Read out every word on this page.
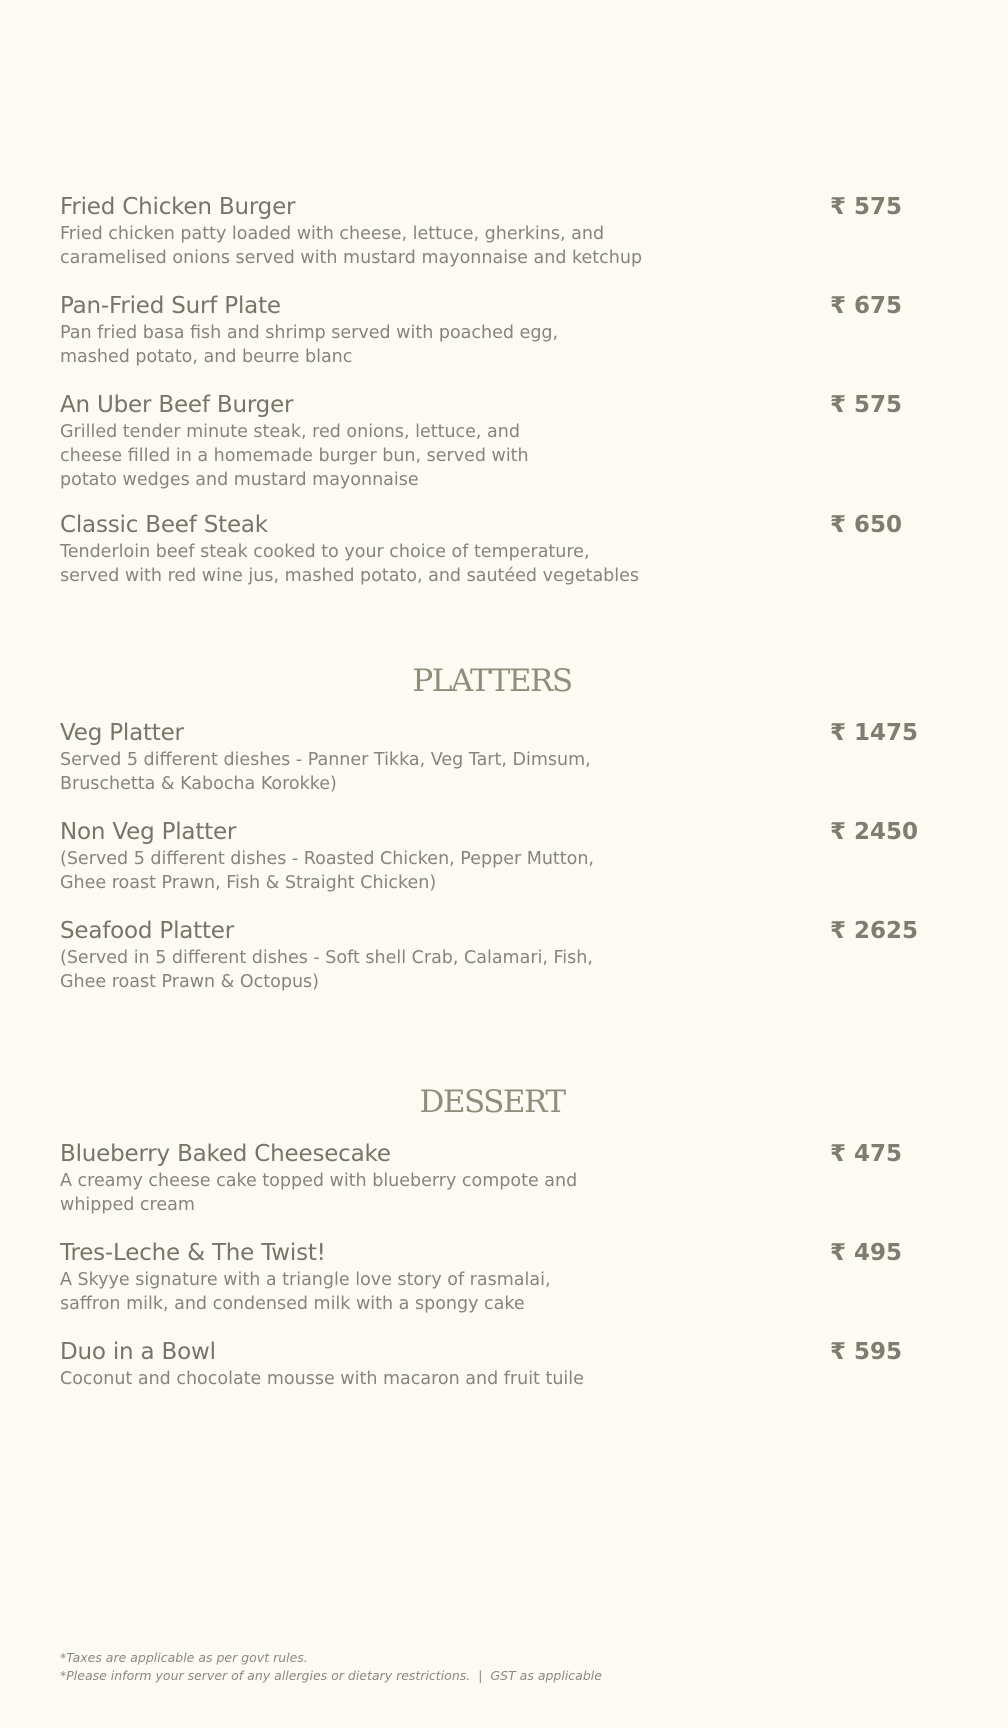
Fried Chicken Burger
Fried chicken patty loaded with cheese, lettuce, gherkins, and
caramelised onions served with mustard mayonnaise and ketchup
₹ 575
Pan-Fried Surf Plate
Pan fried basa fish and shrimp served with poached egg,
mashed potato, and beurre blanc
₹ 675
An Uber Beef Burger
Grilled tender minute steak, red onions, lettuce, and
cheese filled in a homemade burger bun, served with
potato wedges and mustard mayonnaise
₹ 575
Classic Beef Steak
Tenderloin beef steak cooked to your choice of temperature,
served with red wine jus, mashed potato, and sautéed vegetables
₹ 650
PLATTERS
Veg Platter
Served 5 different dieshes - Panner Tikka, Veg Tart, Dimsum,
Bruschetta & Kabocha Korokke)
₹ 1475
Non Veg Platter
(Served 5 different dishes - Roasted Chicken, Pepper Mutton,
Ghee roast Prawn, Fish & Straight Chicken)
₹ 2450
Seafood Platter
(Served in 5 different dishes - Soft shell Crab, Calamari, Fish,
Ghee roast Prawn & Octopus)
₹ 2625
DESSERT
Blueberry Baked Cheesecake
A creamy cheese cake topped with blueberry compote and
whipped cream
₹ 475
Tres-Leche & The Twist!
A Skyye signature with a triangle love story of rasmalai,
saffron milk, and condensed milk with a spongy cake
₹ 495
Duo in a Bowl
Coconut and chocolate mousse with macaron and fruit tuile
₹ 595
*Taxes are applicable as per govt rules.
*Please inform your server of any allergies or dietary restrictions. | GST as applicable
